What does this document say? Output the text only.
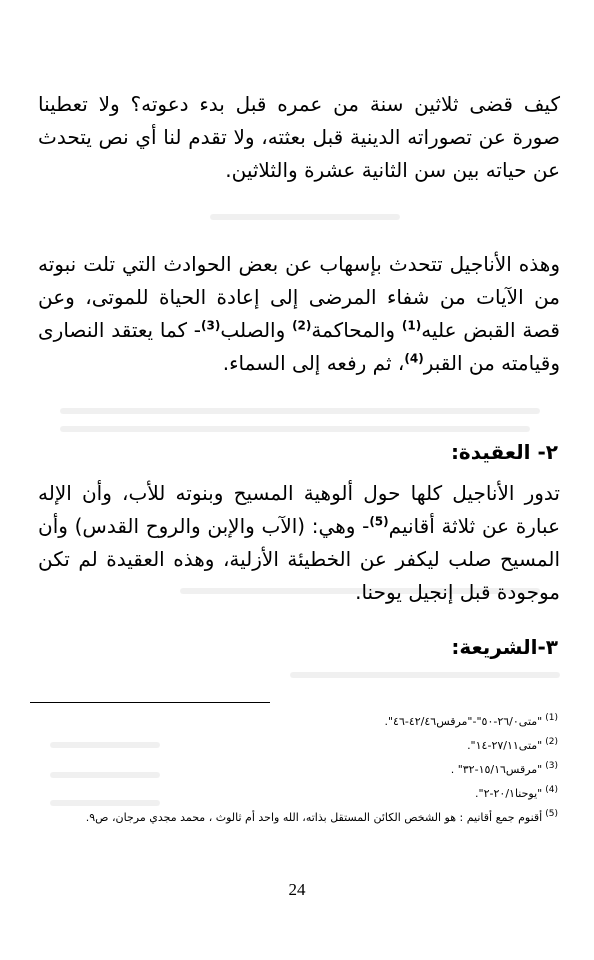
كيف قضى ثلاثين سنة من عمره قبل بدء دعوته؟ ولا تعطينا صورة عن تصوراته الدينية قبل بعثته، ولا تقدم لنا أي نص يتحدث عن حياته بين سن الثانية عشرة والثلاثين.

وهذه الأناجيل تتحدث بإسهاب عن بعض الحوادث التي تلت نبوته من الآيات من شفاء المرضى إلى إعادة الحياة للموتى، وعن قصة القبض عليه$^{(1)}$ والمحاكمة$^{(2)}$ والصلب$^{(3)}$- كما يعتقد النصارى وقيامته من القبر$^{(4)}$، ثم رفعه إلى السماء.

٢- العقيدة:

تدور الأناجيل كلها حول ألوهية المسيح وبنوته للأب، وأن الإله عبارة عن ثلاثة أقانيم$^{(5)}$- وهي: (الآب والإبن والروح القدس) وأن المسيح صلب ليكفر عن الخطيئة الأزلية، وهذه العقيدة لم تكن موجودة قبل إنجيل يوحنا.

٣-الشريعة:
$^{(1)}$"متى٢٦/٠-٥٠"-"مرقس٤٢/٤٦-٤٦".
$^{(2)}$"متى٢٧/١١-١٤".
$^{(3)}$"مرقس١٥/١٦-٣٢" .
$^{(4)}$"يوحنا٢٠/١-٢".
$^{(5)}$أقنوم جمع أقانيم : هو الشخص الكائن المستقل بذاته، الله واحد أم ثالوث ، محمد مجدي مرجان، ص٩.
24
